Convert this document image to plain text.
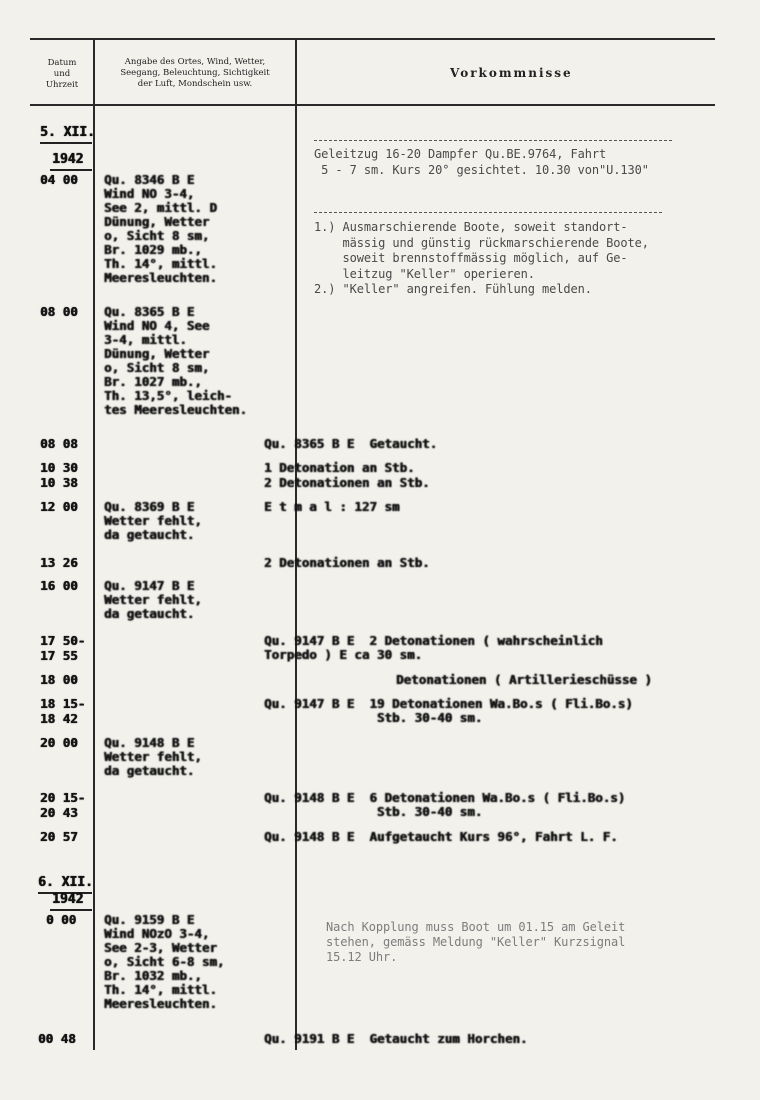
Datum
und
Uhrzeit
Angabe des Ortes, Wind, Wetter,
Seegang, Beleuchtung, Sichtigkeit
der Luft, Mondschein usw.
Vorkommnisse
5. XII.
1942
6. XII.
1942
04 00
08 00
08 08
10 30
10 38
12 00
13 26
16 00
17 50-
17 55
18 00
18 15-
18 42
20 00
20 15-
20 43
20 57
0 00
00 48
Qu. 8346 B E
Wind NO 3-4,
See 2, mittl. D
Dünung, Wetter
o, Sicht 8 sm,
Br. 1029 mb.,
Th. 14°, mittl.
Meeresleuchten.
Qu. 8365 B E
Wind NO 4, See
3-4, mittl.
Dünung, Wetter
o, Sicht 8 sm,
Br. 1027 mb.,
Th. 13,5°, leich-
tes Meeresleuchten.
Qu. 8369 B E
Wetter fehlt,
da getaucht.
Qu. 9147 B E
Wetter fehlt,
da getaucht.
Qu. 9148 B E
Wetter fehlt,
da getaucht.
Qu. 9159 B E
Wind NOzO 3-4,
See 2-3, Wetter
o, Sicht 6-8 sm,
Br. 1032 mb.,
Th. 14°, mittl.
Meeresleuchten.
Qu. 8365 B E  Getaucht.
1 Detonation an Stb.
2 Detonationen an Stb.
E t m a l : 127 sm
2 Detonationen an Stb.
Qu. 9147 B E  2 Detonationen ( wahrscheinlich
Torpedo ) E ca 30 sm.
Detonationen ( Artillerieschüsse )
Qu. 9147 B E  19 Detonationen Wa.Bo.s ( Fli.Bo.s)
Stb. 30-40 sm.
Qu. 9148 B E  6 Detonationen Wa.Bo.s ( Fli.Bo.s)
Stb. 30-40 sm.
Qu. 9148 B E  Aufgetaucht Kurs 96°, Fahrt L. F.
Qu. 9191 B E  Getaucht zum Horchen.
Geleitzug 16-20 Dampfer Qu.BE.9764, Fahrt
5 - 7 sm. Kurs 20° gesichtet. 10.30 von"U.130"
1.) Ausmarschierende Boote, soweit standort-
mässig und günstig rückmarschierende Boote,
soweit brennstoffmässig möglich, auf Ge-
leitzug "Keller" operieren.
2.) "Keller" angreifen. Fühlung melden.
Nach Kopplung muss Boot um 01.15 am Geleit
stehen, gemäss Meldung "Keller" Kurzsignal
15.12 Uhr.
